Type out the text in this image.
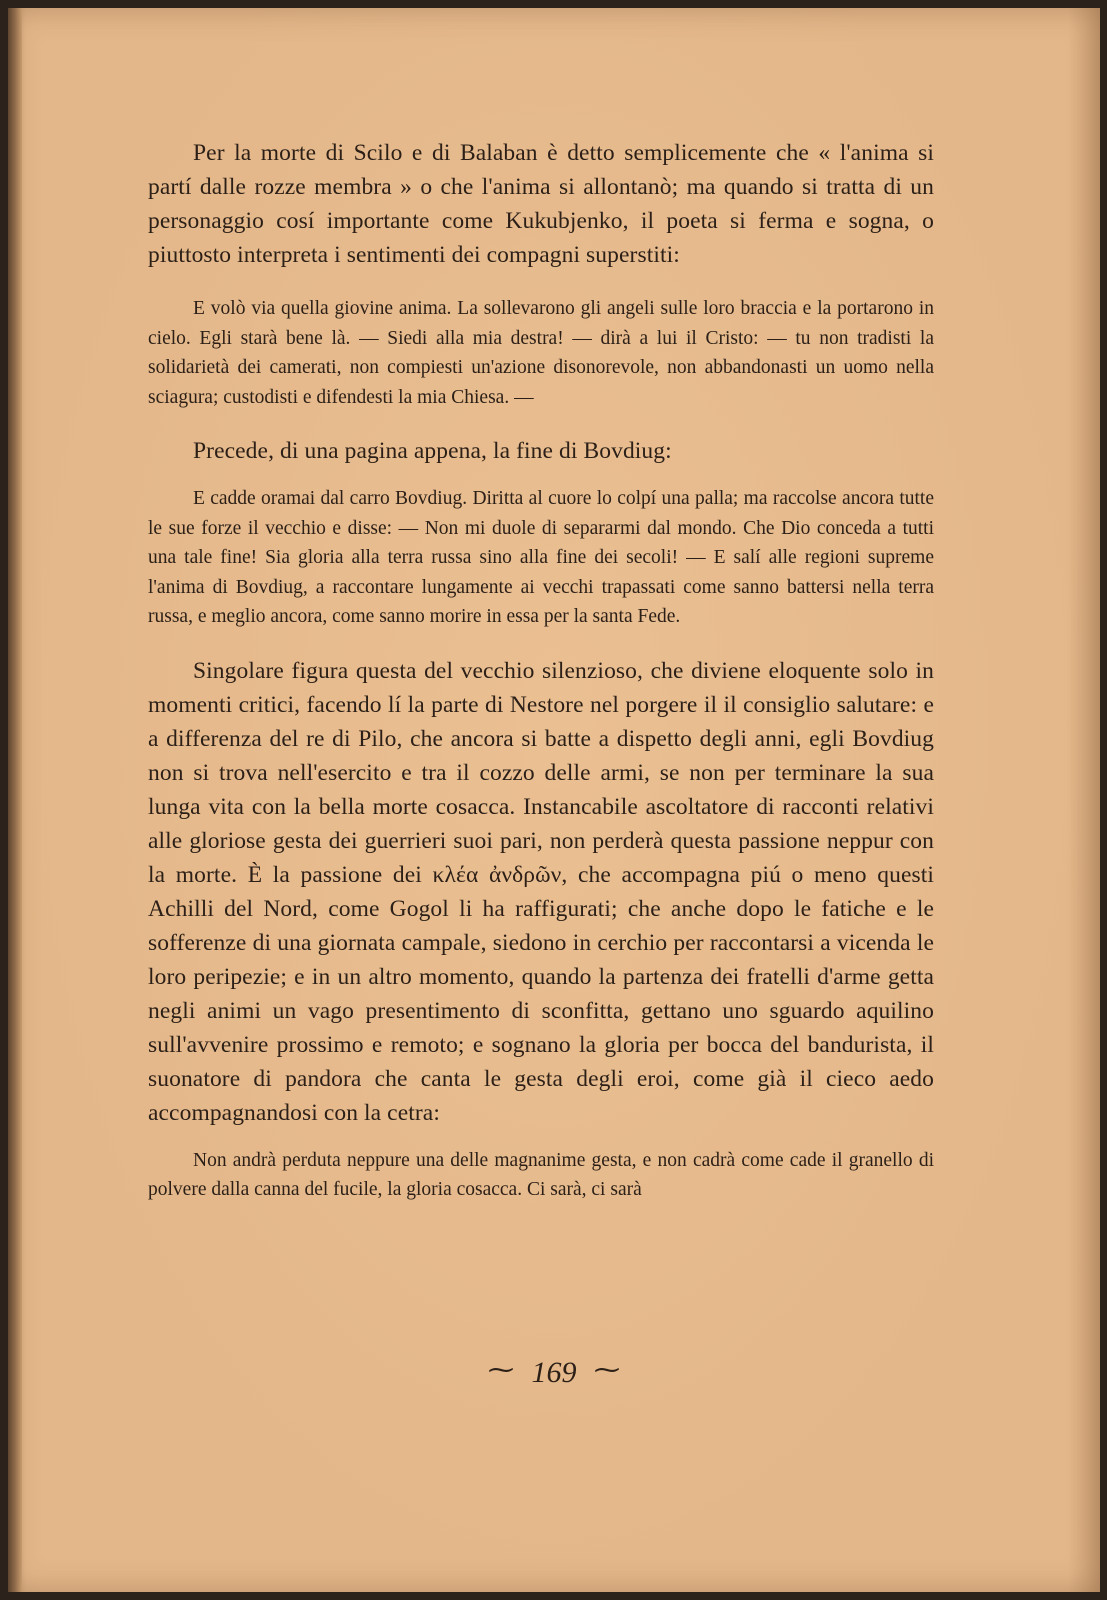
Per la morte di Scilo e di Balaban è detto semplicemente che « l'anima si partí dalle rozze membra » o che l'anima si allontanò; ma quando si tratta di un personaggio cosí importante come Kukubjenko, il poeta si ferma e sogna, o piuttosto interpreta i sentimenti dei compagni superstiti:

E volò via quella giovine anima. La sollevarono gli angeli sulle loro braccia e la portarono in cielo. Egli starà bene là. — Siedi alla mia destra! — dirà a lui il Cristo: — tu non tradisti la solidarietà dei camerati, non compiesti un'azione disonorevole, non abbandonasti un uomo nella sciagura; custodisti e difendesti la mia Chiesa. —

Precede, di una pagina appena, la fine di Bovdiug:

E cadde oramai dal carro Bovdiug. Diritta al cuore lo colpí una palla; ma raccolse ancora tutte le sue forze il vecchio e disse: — Non mi duole di separarmi dal mondo. Che Dio conceda a tutti una tale fine! Sia gloria alla terra russa sino alla fine dei secoli! — E salí alle regioni supreme l'anima di Bovdiug, a raccontare lungamente ai vecchi trapassati come sanno battersi nella terra russa, e meglio ancora, come sanno morire in essa per la santa Fede.

Singolare figura questa del vecchio silenzioso, che diviene eloquente solo in momenti critici, facendo lí la parte di Nestore nel porgere il il consiglio salutare: e a differenza del re di Pilo, che ancora si batte a dispetto degli anni, egli Bovdiug non si trova nell'esercito e tra il cozzo delle armi, se non per terminare la sua lunga vita con la bella morte cosacca. Instancabile ascoltatore di racconti relativi alle gloriose gesta dei guerrieri suoi pari, non perderà questa passione neppur con la morte. È la passione dei κλέα ἀνδρῶν, che accompagna piú o meno questi Achilli del Nord, come Gogol li ha raffigurati; che anche dopo le fatiche e le sofferenze di una giornata campale, siedono in cerchio per raccontarsi a vicenda le loro peripezie; e in un altro momento, quando la partenza dei fratelli d'arme getta negli animi un vago presentimento di sconfitta, gettano uno sguardo aquilino sull'avvenire prossimo e remoto; e sognano la gloria per bocca del bandurista, il suonatore di pandora che canta le gesta degli eroi, come già il cieco aedo accompagnandosi con la cetra:

Non andrà perduta neppure una delle magnanime gesta, e non cadrà come cade il granello di polvere dalla canna del fucile, la gloria cosacca. Ci sarà, ci sarà

⁓ 169 ⁓
